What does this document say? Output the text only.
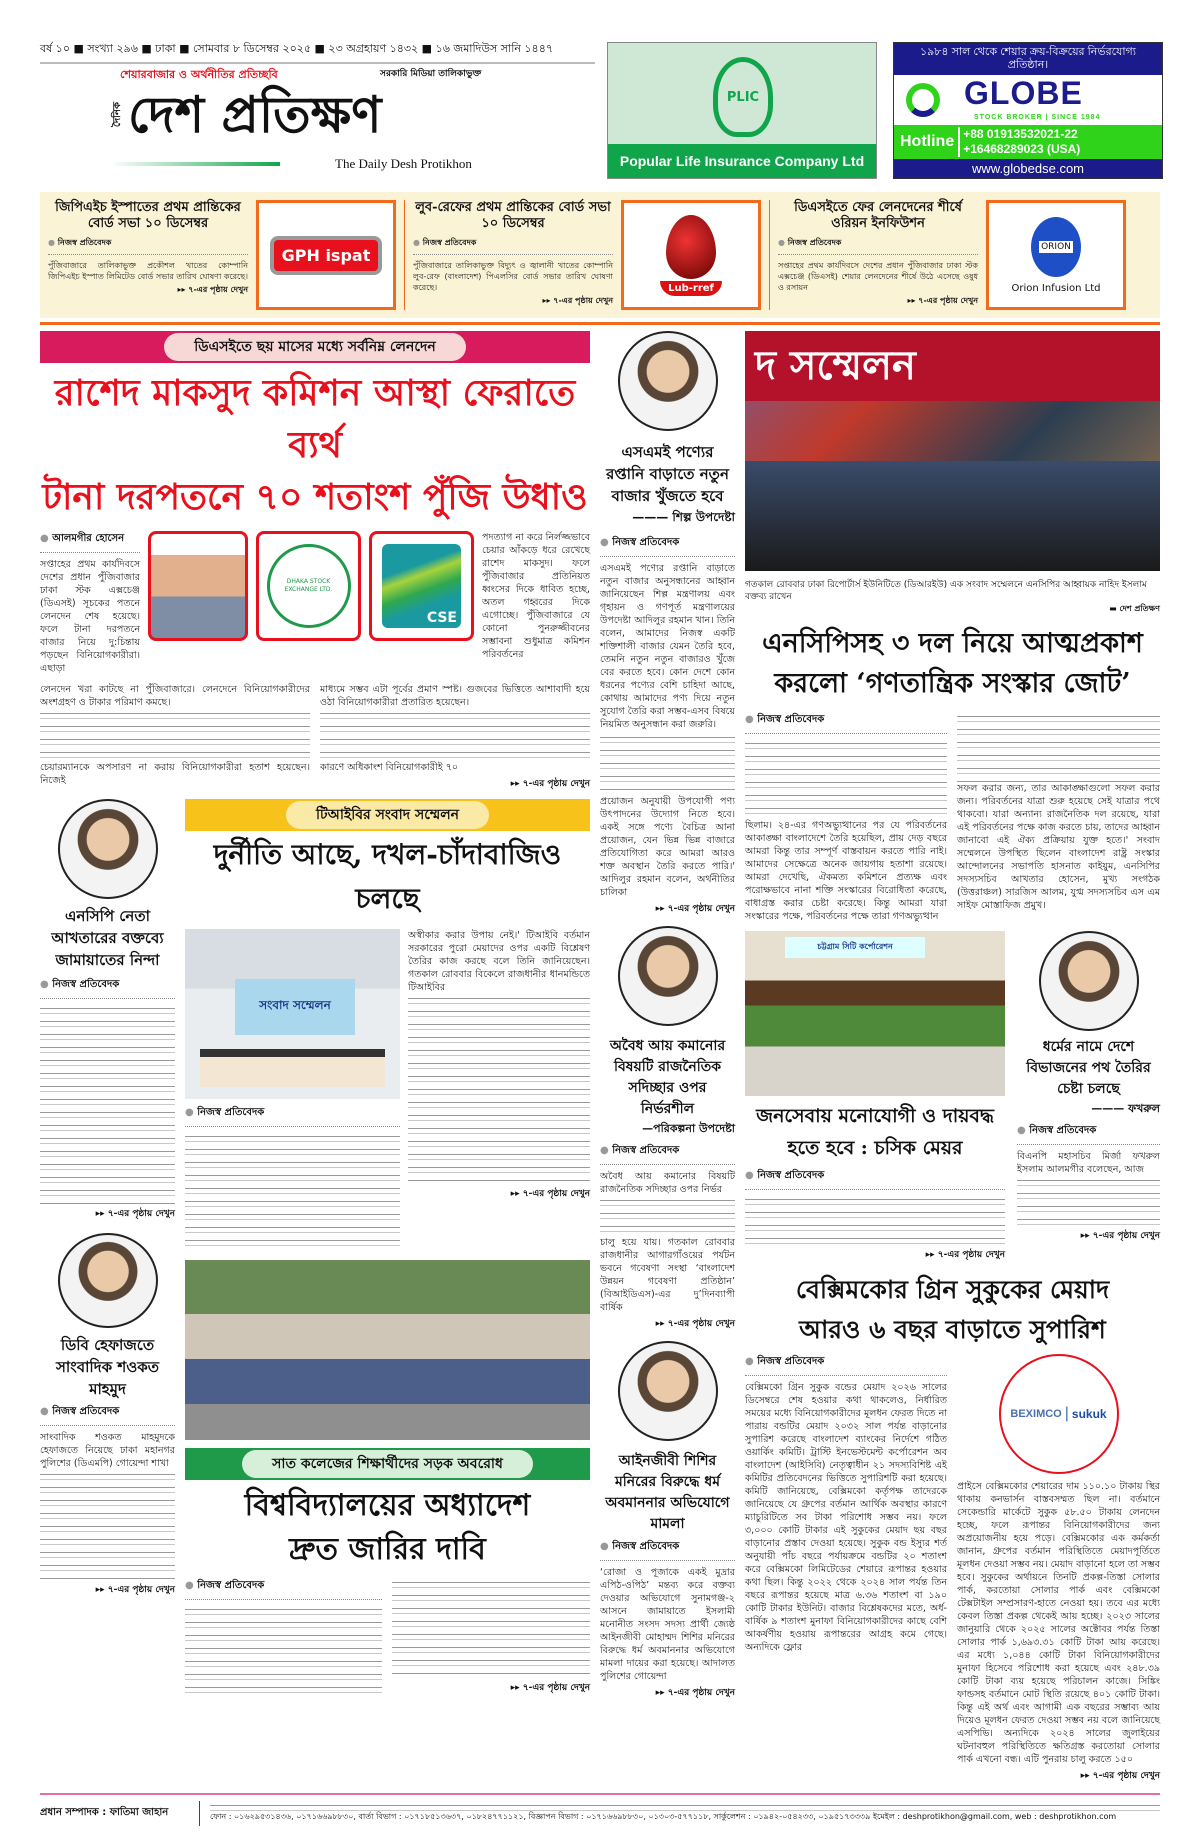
বর্ষ ১০ ■ সংখ্যা ২৯৬ ■ ঢাকা ■ সোমবার ৮ ডিসেম্বর ২০২৫ ■ ২৩ অগ্রহায়ণ ১৪৩২ ■ ১৬ জমাদিউস সানি ১৪৪৭
শেয়ারবাজার ও অর্থনীতির প্রতিচ্ছবি	সরকারি মিডিয়া তালিকাভুক্ত
দৈনিক দেশ প্রতিক্ষণ
The Daily Desh Protikhon
PLIC
Popular Life Insurance Company Ltd
১৯৮৪ সাল থেকে শেয়ার ক্রয়-বিক্রয়ের নির্ভরযোগ্য প্রতিষ্ঠান।
GLOBE
STOCK BROKER | SINCE 1984
Hotline +88 01913532021-22
+16468289023 (USA)
www.globedse.com
জিপিএইচ ইস্পাতের প্রথম প্রান্তিকের বোর্ড সভা ১০ ডিসেম্বর
● নিজস্ব প্রতিবেদক
পুঁজিবাজারে তালিকাভুক্ত প্রকৌশল খাতের কোম্পানি জিপিএইচ ইস্পাত লিমিটেড বোর্ড সভার তারিখ ঘোষণা করেছে।
▸▸ ৭-এর পৃষ্ঠায় দেখুন
GPH ispat
লুব-রেফের প্রথম প্রান্তিকের বোর্ড সভা ১০ ডিসেম্বর
● নিজস্ব প্রতিবেদক
পুঁজিবাজারে তালিকাভুক্ত বিদ্যুৎ ও জ্বালানী খাতের কোম্পানি লুব-রেফ (বাংলাদেশ) পিএলসির বোর্ড সভার তারিখ ঘোষণা করেছে।
▸▸ ৭-এর পৃষ্ঠায় দেখুন
Lub-rref
ডিএসইতে ফের লেনদেনের শীর্ষে ওরিয়ন ইনফিউশন
● নিজস্ব প্রতিবেদক
সপ্তাহের প্রথম কার্যদিবসে দেশের প্রধান পুঁজিবাজার ঢাকা স্টক এক্সচেঞ্জ (ডিএসই) শেয়ার লেনদেনের শীর্ষে উঠে এসেছে ওষুধ ও রসায়ন
▸▸ ৭-এর পৃষ্ঠায় দেখুন
ORION
Orion Infusion Ltd
ডিএসইতে ছয় মাসের মধ্যে সর্বনিম্ন লেনদেন
রাশেদ মাকসুদ কমিশন আস্থা ফেরাতে ব্যর্থ
টানা দরপতনে ৭০ শতাংশ পুঁজি উধাও
● আলমগীর হোসেন
সপ্তাহের প্রথম কার্যদিবসে দেশের প্রধান পুঁজিবাজার ঢাকা স্টক এক্সচেঞ্জ (ডিএসই) সূচকের পতনে লেনদেন শেষ হয়েছে। ফলে টানা দরপতনে বাজার নিয়ে দু:চিন্তায় পড়ছেন বিনিয়োগকারীরা। এছাড়া
DHAKA STOCK EXCHANGE LTD.
CSE
পদত্যাগ না করে নির্লজ্জভাবে চেয়ার আঁকড়ে ধরে রেখেছে রাশেদ মাকসুদ। ফলে পুঁজিবাজার প্রতিনিয়ত ধ্বংসের দিকে ধাবিত হচ্ছে, অতল গহ্বরের দিকে এগোচ্ছে। পুঁজিবাজারে যে কোনো পুনরুজ্জীবনের সম্ভাবনা শুধুমাত্র কমিশন পরিবর্তনের
লেনদেন খরা কাটছে না পুঁজিবাজারে। লেনদেনে বিনিয়োগকারীদের অংশগ্রহণ ও টাকার পরিমাণ কমছে।
চেয়ারম্যানকে অপসারণ না করায় বিনিয়োগকারীরা হতাশ হয়েছেন। নিজেই
মাধ্যমে সম্ভব এটা পূর্বের প্রমাণ স্পষ্ট। গুজবের ভিত্তিতে আশাবাদী হয়ে ওঠা বিনিয়োগকারীরা প্রতারিত হয়েছেন।
কারণে অধিকাংশ বিনিয়োগকারীই ৭০
▸▸ ৭-এর পৃষ্ঠায় দেখুন
এনসিপি নেতা আখতারের বক্তব্যে জামায়াতের নিন্দা
● নিজস্ব প্রতিবেদক
▸▸ ৭-এর পৃষ্ঠায় দেখুন
ডিবি হেফাজতে সাংবাদিক শওকত মাহমুদ
● নিজস্ব প্রতিবেদক
সাংবাদিক শওকত মাহমুদকে হেফাজতে নিয়েছে ঢাকা মহানগর পুলিশের (ডিএমপি) গোয়েন্দা শাখা
▸▸ ৭-এর পৃষ্ঠায় দেখুন
টিআইবির সংবাদ সম্মেলন
দুর্নীতি আছে, দখল-চাঁদাবাজিও চলছে
সংবাদ সম্মেলন
● নিজস্ব প্রতিবেদক
অস্বীকার করার উপায় নেই।' টিআইবি বর্তমান সরকারের পুরো মেয়াদের ওপর একটি বিশ্লেষণ তৈরির কাজ করছে বলে তিনি জানিয়েছেন। গতকাল রোববার বিকেলে রাজধানীর ধানমন্ডিতে টিআইবির
▸▸ ৭-এর পৃষ্ঠায় দেখুন
সাত কলেজের শিক্ষার্থীদের সড়ক অবরোধ
বিশ্ববিদ্যালয়ের অধ্যাদেশ
দ্রুত জারির দাবি
● নিজস্ব প্রতিবেদক
▸▸ ৭-এর পৃষ্ঠায় দেখুন
এসএমই পণ্যের রপ্তানি বাড়াতে নতুন বাজার খুঁজতে হবে
——— শিল্প উপদেষ্টা
● নিজস্ব প্রতিবেদক
এসএমই পণ্যের রপ্তানি বাড়াতে নতুন বাজার অনুসন্ধানের আহ্বান জানিয়েছেন শিল্প মন্ত্রণালয় এবং গৃহায়ন ও গণপূর্ত মন্ত্রণালয়ের উপদেষ্টা আদিলুর রহমান খান। তিনি বলেন, আমাদের নিজস্ব একটি শক্তিশালী বাজার যেমন তৈরি হবে, তেমনি নতুন নতুন বাজারও খুঁজে বের করতে হবে। কোন দেশে কোন ধরনের পণ্যের বেশি চাহিদা আছে, কোথায় আমাদের পণ্য দিয়ে নতুন সুযোগ তৈরি করা সম্ভব-এসব বিষয়ে নিয়মিত অনুসন্ধান করা জরুরি।
প্রয়োজন অনুযায়ী উপযোগী পণ্য উৎপাদনের উদ্যোগ নিতে হবে। একই সঙ্গে পণ্যে বৈচিত্র আনা প্রয়োজন, যেন ভিন্ন ভিন্ন বাজারে প্রতিযোগিতা করে আমরা আরও শক্ত অবস্থান তৈরি করতে পারি।' আদিলুর রহমান বলেন, অর্থনীতির চালিকা
▸▸ ৭-এর পৃষ্ঠায় দেখুন
অবৈধ আয় কমানোর বিষয়টি রাজনৈতিক সদিচ্ছার ওপর নির্ভরশীল
—পরিকল্পনা উপদেষ্টা
● নিজস্ব প্রতিবেদক
অবৈধ আয় কমানোর বিষয়টি রাজনৈতিক সদিচ্ছার ওপর নির্ভর
চালু হয়ে যায়। গতকাল রোববার রাজধানীর আগারগাঁওয়ের পর্যটন ভবনে গবেষণা সংস্থা ‘বাংলাদেশ উন্নয়ন গবেষণা প্রতিষ্ঠান’ (বিআইডিএস)-এর দু’দিনব্যাপী বার্ষিক
▸▸ ৭-এর পৃষ্ঠায় দেখুন
আইনজীবী শিশির মনিরের বিরুদ্ধে ধর্ম অবমাননার অভিযোগে মামলা
● নিজস্ব প্রতিবেদক
‘রোজা ও পূজাকে একই মুদ্রার এপিঠ-ওপিঠ’ মন্তব্য করে বক্তব্য দেওয়ার অভিযোগে সুনামগঞ্জ-২ আসনে জামায়াতে ইসলামী মনোনীত সংসদ সদস্য প্রার্থী জ্যেষ্ঠ আইনজীবী মোহাম্মদ শিশির মনিরের বিরুদ্ধে ধর্ম অবমাননার অভিযোগে মামলা দায়ের করা হয়েছে। আদালত পুলিশের গোয়েন্দা
▸▸ ৭-এর পৃষ্ঠায় দেখুন
দ সম্মেলন
গতকাল রোববার ঢাকা রিপোর্টার্স ইউনিটিতে (ডিআরইউ) এক সংবাদ সম্মেলনে এনসিপির আহ্বায়ক নাহিদ ইসলাম বক্তব্য রাখেন
▬ দেশ প্রতিক্ষণ
এনসিপিসহ ৩ দল নিয়ে আত্মপ্রকাশ
করলো ‘গণতান্ত্রিক সংস্কার জোট’
● নিজস্ব প্রতিবেদক
ছিলাম। ২৪-এর গণঅভ্যুত্থানের পর যে পরিবর্তনের আকাঙ্ক্ষা বাংলাদেশে তৈরি হয়েছিল, প্রায় দেড় বছরে আমরা কিন্তু তার সম্পূর্ণ বাস্তবায়ন করতে পারি নাই। আমাদের সেক্ষেত্রে অনেক জায়গায় হতাশা রয়েছে। আমরা দেখেছি, ঐকমত্য কমিশনে প্রত্যক্ষ এবং পরোক্ষভাবে নানা শক্তি সংস্কারের বিরোধিতা করেছে, বাধাগ্রস্ত করার চেষ্টা করেছে। কিন্তু আমরা যারা সংস্কারের পক্ষে, পরিবর্তনের পক্ষে তারা গণঅভ্যুত্থান
সফল করার জন্য, তার আকাঙ্ক্ষাগুলো সফল করার জন্য। পরিবর্তনের যাত্রা শুরু হয়েছে সেই যাত্রার পথে থাকবো। যারা অন্যান্য রাজনৈতিক দল রয়েছে, যারা এই পরিবর্তনের পক্ষে কাজ করতে চায়, তাদের আহ্বান জানাবো এই ঐক্য প্রক্রিয়ায় যুক্ত হতে।' সংবাদ সম্মেলনে উপস্থিত ছিলেন বাংলাদেশ রাষ্ট্র সংস্কার আন্দোলনের সভাপতি হাসনাত কাইয়ুম, এনসিপির সদস্যসচিব আখতার হোসেন, মুখ্য সংগঠক (উত্তরাঞ্চল) সারজিস আলম, যুগ্ম সদস্যসচিব এস এম সাইফ মোস্তাফিজ প্রমুখ।
চট্টগ্রাম সিটি কর্পোরেশন
জনসেবায় মনোযোগী ও দায়বদ্ধ
হতে হবে : চসিক মেয়র
● নিজস্ব প্রতিবেদক
▸▸ ৭-এর পৃষ্ঠায় দেখুন
ধর্মের নামে দেশে বিভাজনের পথ তৈরির চেষ্টা চলছে
——— ফখরুল
● নিজস্ব প্রতিবেদক
বিএনপি মহাসচিব মির্জা ফখরুল ইসলাম আলমগীর বলেছেন, আজ
▸▸ ৭-এর পৃষ্ঠায় দেখুন
বেক্সিমকোর গ্রিন সুকুকের মেয়াদ
আরও ৬ বছর বাড়াতে সুপারিশ
● নিজস্ব প্রতিবেদক
বেক্সিমকো গ্রিন সুকুক বন্ডের মেয়াদ ২০২৬ সালের ডিসেম্বরে শেষ হওয়ার কথা থাকলেও, নির্ধারিত সময়ের মধ্যে বিনিয়োগকারীদের মূলধন ফেরত দিতে না পারায় বন্ডটির মেয়াদ ২০৩২ সাল পর্যন্ত বাড়ানোর সুপারিশ করেছে বাংলাদেশ ব্যাংকের নির্দেশে গঠিত ওয়ার্কিং কমিটি। ট্রাস্টি ইনভেস্টমেন্ট কর্পোরেশন অব বাংলাদেশ (আইসিবি) নেতৃত্বাধীন ২১ সদস্যবিশিষ্ট এই কমিটির প্রতিবেদনের ভিত্তিতে সুপারিশটি করা হয়েছে। কমিটি জানিয়েছে, বেক্সিমকো কর্তৃপক্ষ তাদেরকে জানিয়েছে যে গ্রুপের বর্তমান আর্থিক অবস্থার কারণে ম্যাচুরিটিতে সব টাকা পরিশোধ সম্ভব নয়। ফলে ৩,০০০ কোটি টাকার এই সুকুকের মেয়াদ ছয় বছর বাড়ানোর প্রস্তাব দেওয়া হয়েছে। সুকুক বন্ড ইস্যুর শর্ত অনুযায়ী পাঁচ বছরে পর্যায়ক্রমে বন্ডটির ২০ শতাংশ করে বেক্সিমকো লিমিটেডের শেয়ারে রূপান্তর হওয়ার কথা ছিল। কিন্তু ২০২২ থেকে ২০২৪ সাল পর্যন্ত তিন বছরে রূপান্তর হয়েছে মাত্র ৬.৩৬ শতাংশ বা ১৯০ কোটি টাকার ইউনিট। বাজার বিশ্লেষকদের মতে, অর্ধ-বার্ষিক ৯ শতাংশ মুনাফা বিনিয়োগকারীদের কাছে বেশি আকর্ষণীয় হওয়ায় রূপান্তরের আগ্রহ কমে গেছে। অন্যদিকে ফ্লোর
BEXIMCO | sukuk
প্রাইসে বেক্সিমকোর শেয়ারের দাম ১১০.১০ টাকায় স্থির থাকায় কনভার্সন বাস্তবসম্মত ছিল না। বর্তমানে সেকেন্ডারি মার্কেটে সুকুক ৫৮.৫০ টাকায় লেনদেন হচ্ছে, ফলে রূপান্তর বিনিয়োগকারীদের জন্য অপ্রয়োজনীয় হয়ে পড়ে। বেক্সিমকোর এক কর্মকর্তা জানান, গ্রুপের বর্তমান পরিস্থিতিতে মেয়াদপূর্তিতে মূলধন দেওয়া সম্ভব নয়। মেয়াদ বাড়ানো হলে তা সম্ভব হবে। সুকুকের অর্থায়নে তিনটি প্রকল্প-তিস্তা সোলার পার্ক, করতোয়া সোলার পার্ক এবং বেক্সিমকো টেক্সটাইল সম্প্রসারণ-হাতে নেওয়া হয়। তবে এর মধ্যে কেবল তিস্তা প্রকল্প থেকেই আয় হচ্ছে। ২০২৩ সালের জানুয়ারি থেকে ২০২৫ সালের অক্টোবর পর্যন্ত তিস্তা সোলার পার্ক ১,৬৯৩.৩১ কোটি টাকা আয় করেছে। এর মধ্যে ১,০৪৪ কোটি টাকা বিনিয়োগকারীদের মুনাফা হিসেবে পরিশোধ করা হয়েছে এবং ২৪৮.৩৯ কোটি টাকা ব্যয় হয়েছে পরিচালন কাজে। সিঙ্কিং ফান্ডসহ বর্তমানে মোট স্থিতি রয়েছে ৪০১ কোটি টাকা। কিন্তু এই অর্থ এবং আগামী এক বছরের সম্ভাব্য আয় দিয়েও মূলধন ফেরত দেওয়া সম্ভব নয় বলে জানিয়েছে এসপিভি। অন্যদিকে ২০২৪ সালের জুলাইয়ের ঘটনাবহুল পরিস্থিতিতে ক্ষতিগ্রস্ত করতোয়া সোলার পার্ক এখনো বন্ধ। এটি পুনরায় চালু করতে ১৫০
▸▸ ৭-এর পৃষ্ঠায় দেখুন
প্রধান সম্পাদক : ফাতিমা জাহান	ফোন : ০১৬২৯৫৩১৪৩৬, ০১৭১৬৬৯৮৮৩০, বার্তা বিভাগ : ০১৭১৮৫১৩৬৩৭, ০১৮২৪৭৭১১২১, বিজ্ঞাপন বিভাগ : ০১৭১৬৬৯৮৮৩০, ০১৩০৩-৫৭৭১১৮, সার্কুলেশন : ০১৯৪২-০৫৪২৩৩, ০১৯৫১৭৩৩৩৯ ইমেইল : deshprotikhon@gmail.com, web : deshprotikhon.com
